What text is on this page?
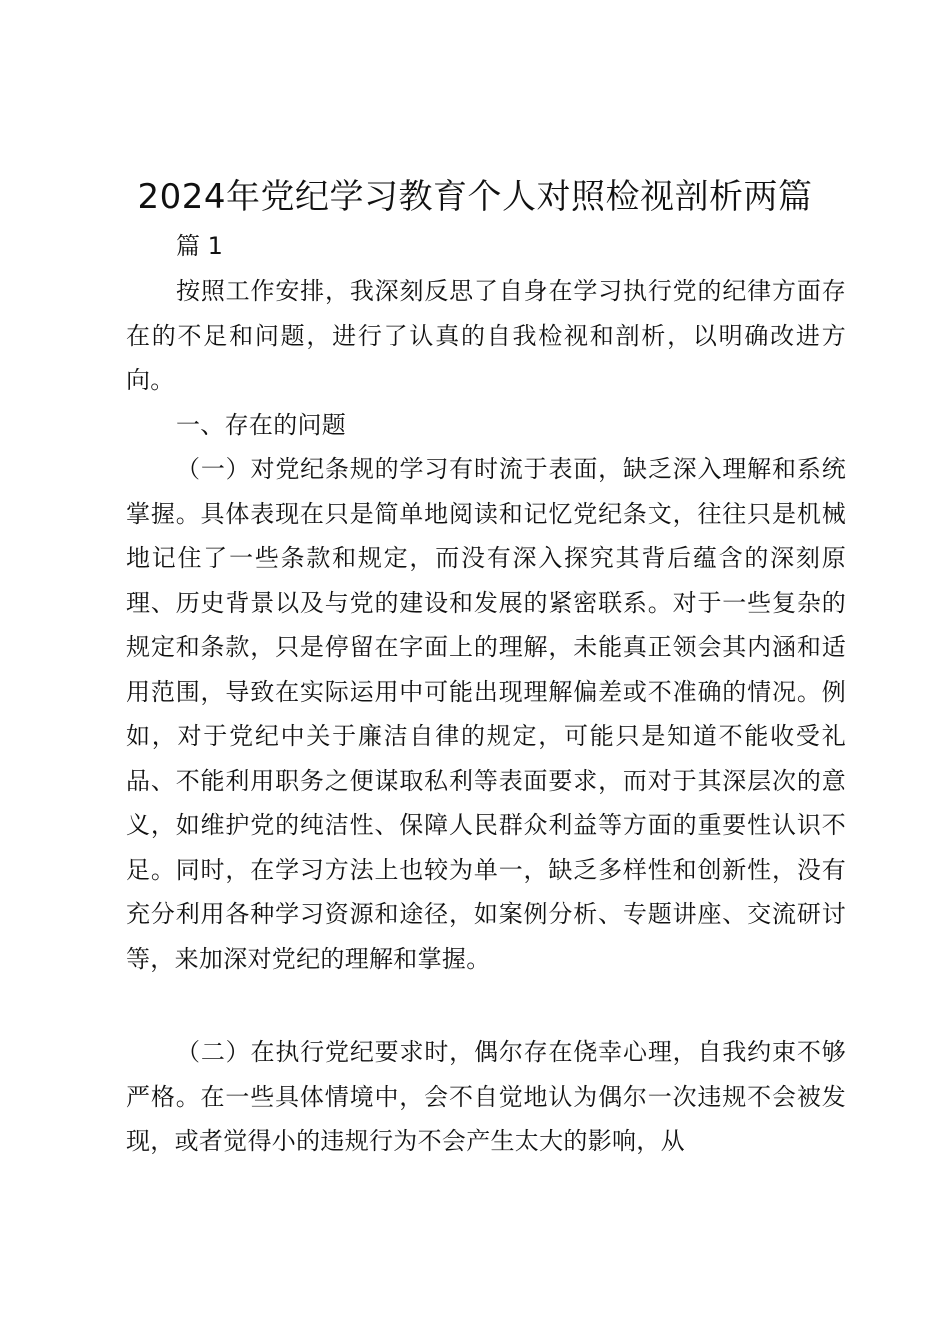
2024年党纪学习教育个人对照检视剖析两篇
篇 1

按照工作安排，我深刻反思了自身在学习执行党的纪律方面存在的不足和问题，进行了认真的自我检视和剖析，以明确改进方向。

一、存在的问题

（一）对党纪条规的学习有时流于表面，缺乏深入理解和系统掌握。具体表现在只是简单地阅读和记忆党纪条文，往往只是机械地记住了一些条款和规定，而没有深入探究其背后蕴含的深刻原理、历史背景以及与党的建设和发展的紧密联系。对于一些复杂的规定和条款，只是停留在字面上的理解，未能真正领会其内涵和适用范围，导致在实际运用中可能出现理解偏差或不准确的情况。例如，对于党纪中关于廉洁自律的规定，可能只是知道不能收受礼品、不能利用职务之便谋取私利等表面要求，而对于其深层次的意义，如维护党的纯洁性、保障人民群众利益等方面的重要性认识不足。同时，在学习方法上也较为单一，缺乏多样性和创新性，没有充分利用各种学习资源和途径，如案例分析、专题讲座、交流研讨等，来加深对党纪的理解和掌握。

（二）在执行党纪要求时，偶尔存在侥幸心理，自我约束不够严格。在一些具体情境中，会不自觉地认为偶尔一次违规不会被发现，或者觉得小的违规行为不会产生太大的影响，从
